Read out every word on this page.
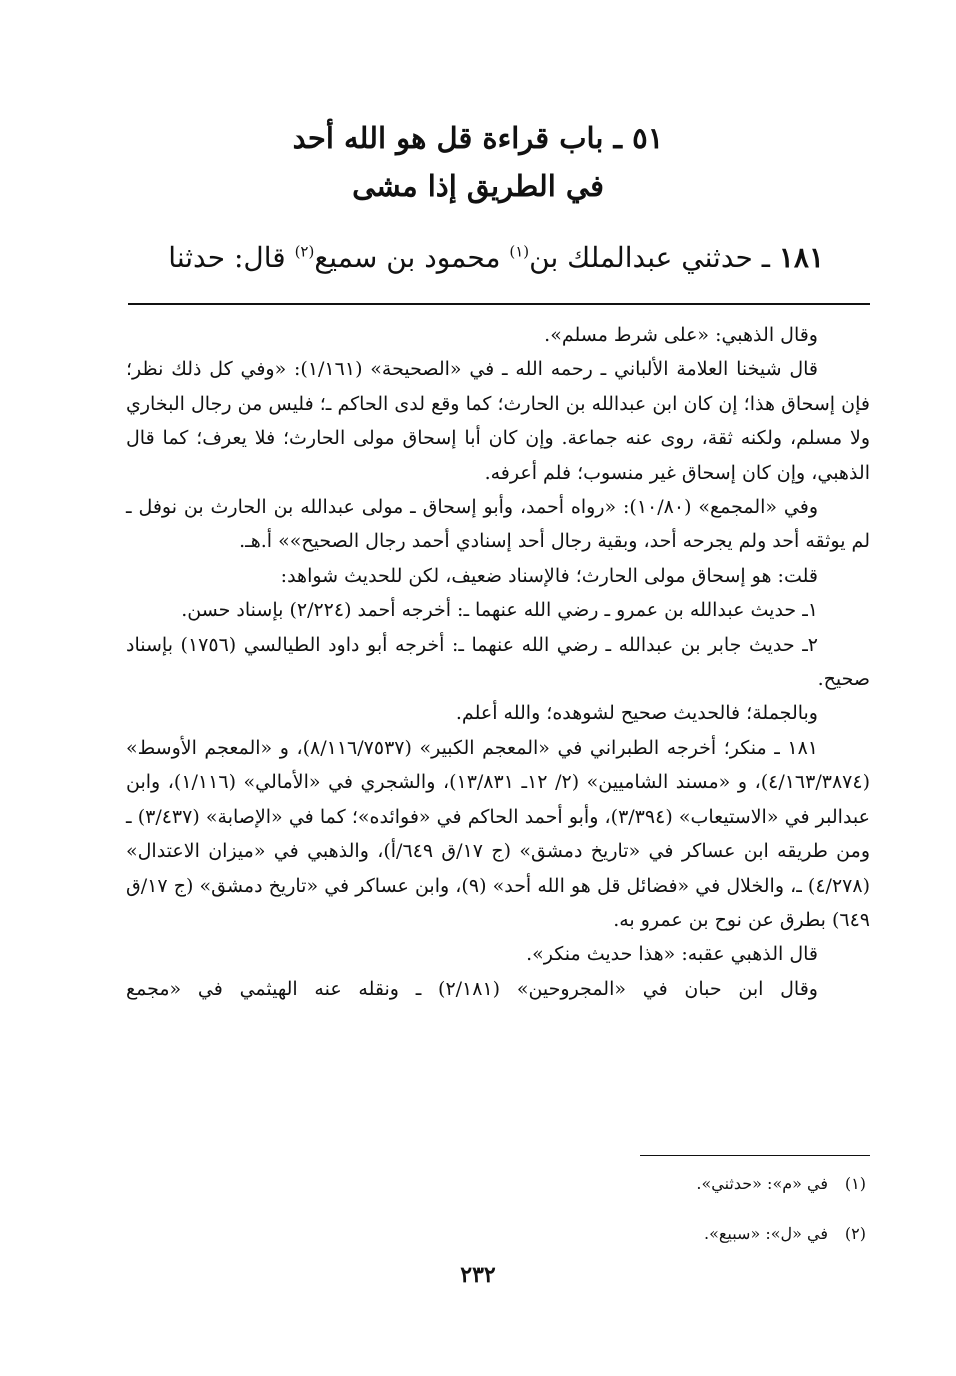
٥١ ـ باب قراءة قل هو الله أحد
في الطريق إذا مشى
١٨١ ـ حدثني عبدالملك بن$^{(١)}$ محمود بن سميع$^{(٢)}$ قال: حدثنا

وقال الذهبي: «على شرط مسلم».

قال شيخنا العلامة الألباني ـ رحمه الله ـ في «الصحيحة» (١/١٦١): «وفي كل ذلك نظر؛ فإن إسحاق هذا؛ إن كان ابن عبدالله بن الحارث؛ كما وقع لدى الحاكم ـ؛ فليس من رجال البخاري ولا مسلم، ولكنه ثقة، روى عنه جماعة. وإن كان أبا إسحاق مولى الحارث؛ فلا يعرف؛ كما قال الذهبي، وإن كان إسحاق غير منسوب؛ فلم أعرفه.

وفي «المجمع» (١٠/٨٠): «رواه أحمد، وأبو إسحاق ـ مولى عبدالله بن الحارث بن نوفل ـ لم يوثقه أحد ولم يجرحه أحد، وبقية رجال أحد إسنادي أحمد رجال الصحيح»» أ.هـ.

قلت: هو إسحاق مولى الحارث؛ فالإسناد ضعيف، لكن للحديث شواهد:

١ـ حديث عبدالله بن عمرو ـ رضي الله عنهما ـ: أخرجه أحمد (٢/٢٢٤) بإسناد حسن.

٢ـ حديث جابر بن عبدالله ـ رضي الله عنهما ـ: أخرجه أبو داود الطيالسي (١٧٥٦) بإسناد صحيح.

وبالجملة؛ فالحديث صحيح لشوهده؛ والله أعلم.

١٨١ ـ منكر؛ أخرجه الطبراني في «المعجم الكبير» (٨/١١٦/٧٥٣٧)، و «المعجم الأوسط» (٤/١٦٣/٣٨٧٤)، و «مسند الشاميين» (٢/ ١٢ـ ١٣/٨٣١)، والشجري في «الأمالي» (١/١١٦)، وابن عبدالبر في «الاستيعاب» (٣/٣٩٤)، وأبو أحمد الحاكم في «فوائده»؛ كما في «الإصابة» (٣/٤٣٧) ـ ومن طريقه ابن عساكر في «تاريخ دمشق» (ج ١٧/ق ٦٤٩/أ)، والذهبي في «ميزان الاعتدال» (٤/٢٧٨) ـ، والخلال في «فضائل قل هو الله أحد» (٩)، وابن عساكر في «تاريخ دمشق» (ج ١٧/ق ٦٤٩) بطرق عن نوح بن عمرو به.

قال الذهبي عقبه: «هذا حديث منكر».

وقال ابن حبان في «المجروحين» (٢/١٨١) ـ ونقله عنه الهيثمي في «مجمع

(١)في «م»: «حدثني».
(٢)في «ل»: «سبيع».
٢٣٢
